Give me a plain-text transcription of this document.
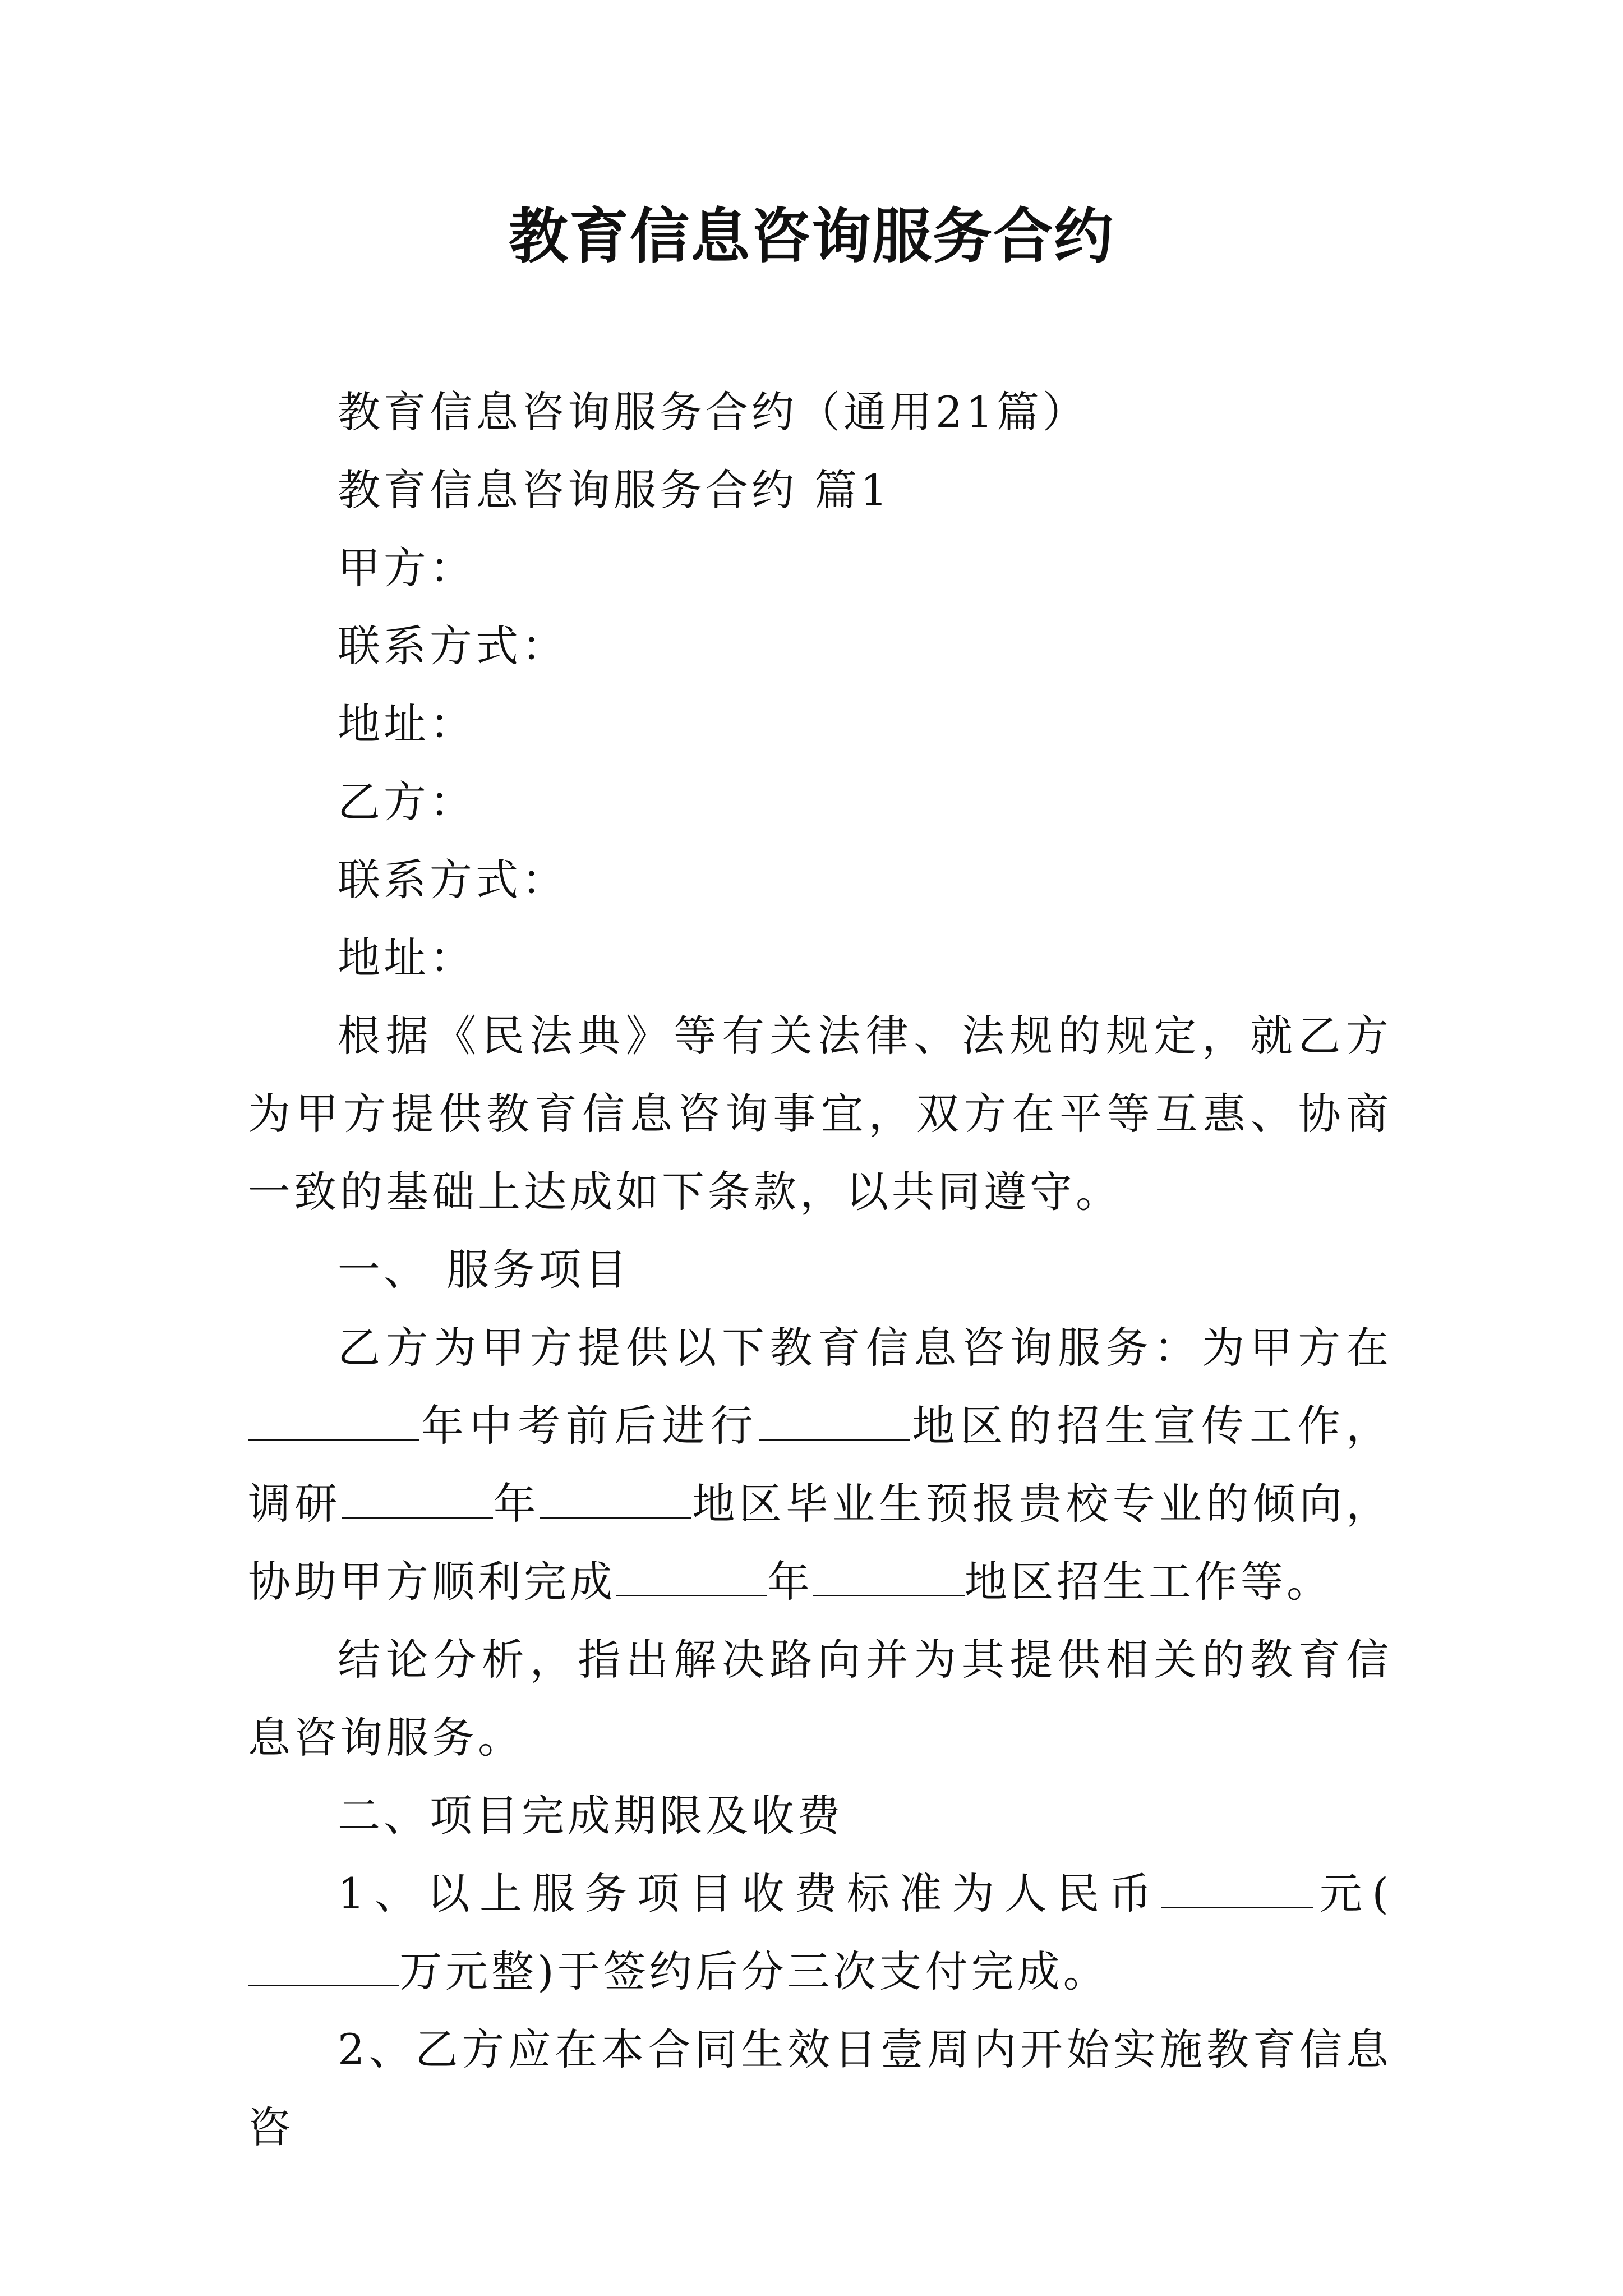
教育信息咨询服务合约
教育信息咨询服务合约（通用21篇）
教育信息咨询服务合约 篇1
甲方：
联系方式：
地址：
乙方：
联系方式：
地址：
根据《民法典》等有关法律、法规的规定，就乙方为甲方提供教育信息咨询事宜，双方在平等互惠、协商一致的基础上达成如下条款，以共同遵守。
一、 服务项目
乙方为甲方提供以下教育信息咨询服务：为甲方在年中考前后进行	地区的招生宣传工作，调研	年	地区毕业生预报贵校专业的倾向，协助甲方顺利完成	年	地区招生工作等。
结论分析，指出解决路向并为其提供相关的教育信息咨询服务。
二、项目完成期限及收费
1、以上服务项目收费标准为人民币	元(万元整)于签约后分三次支付完成。
2、乙方应在本合同生效日壹周内开始实施教育信息咨
